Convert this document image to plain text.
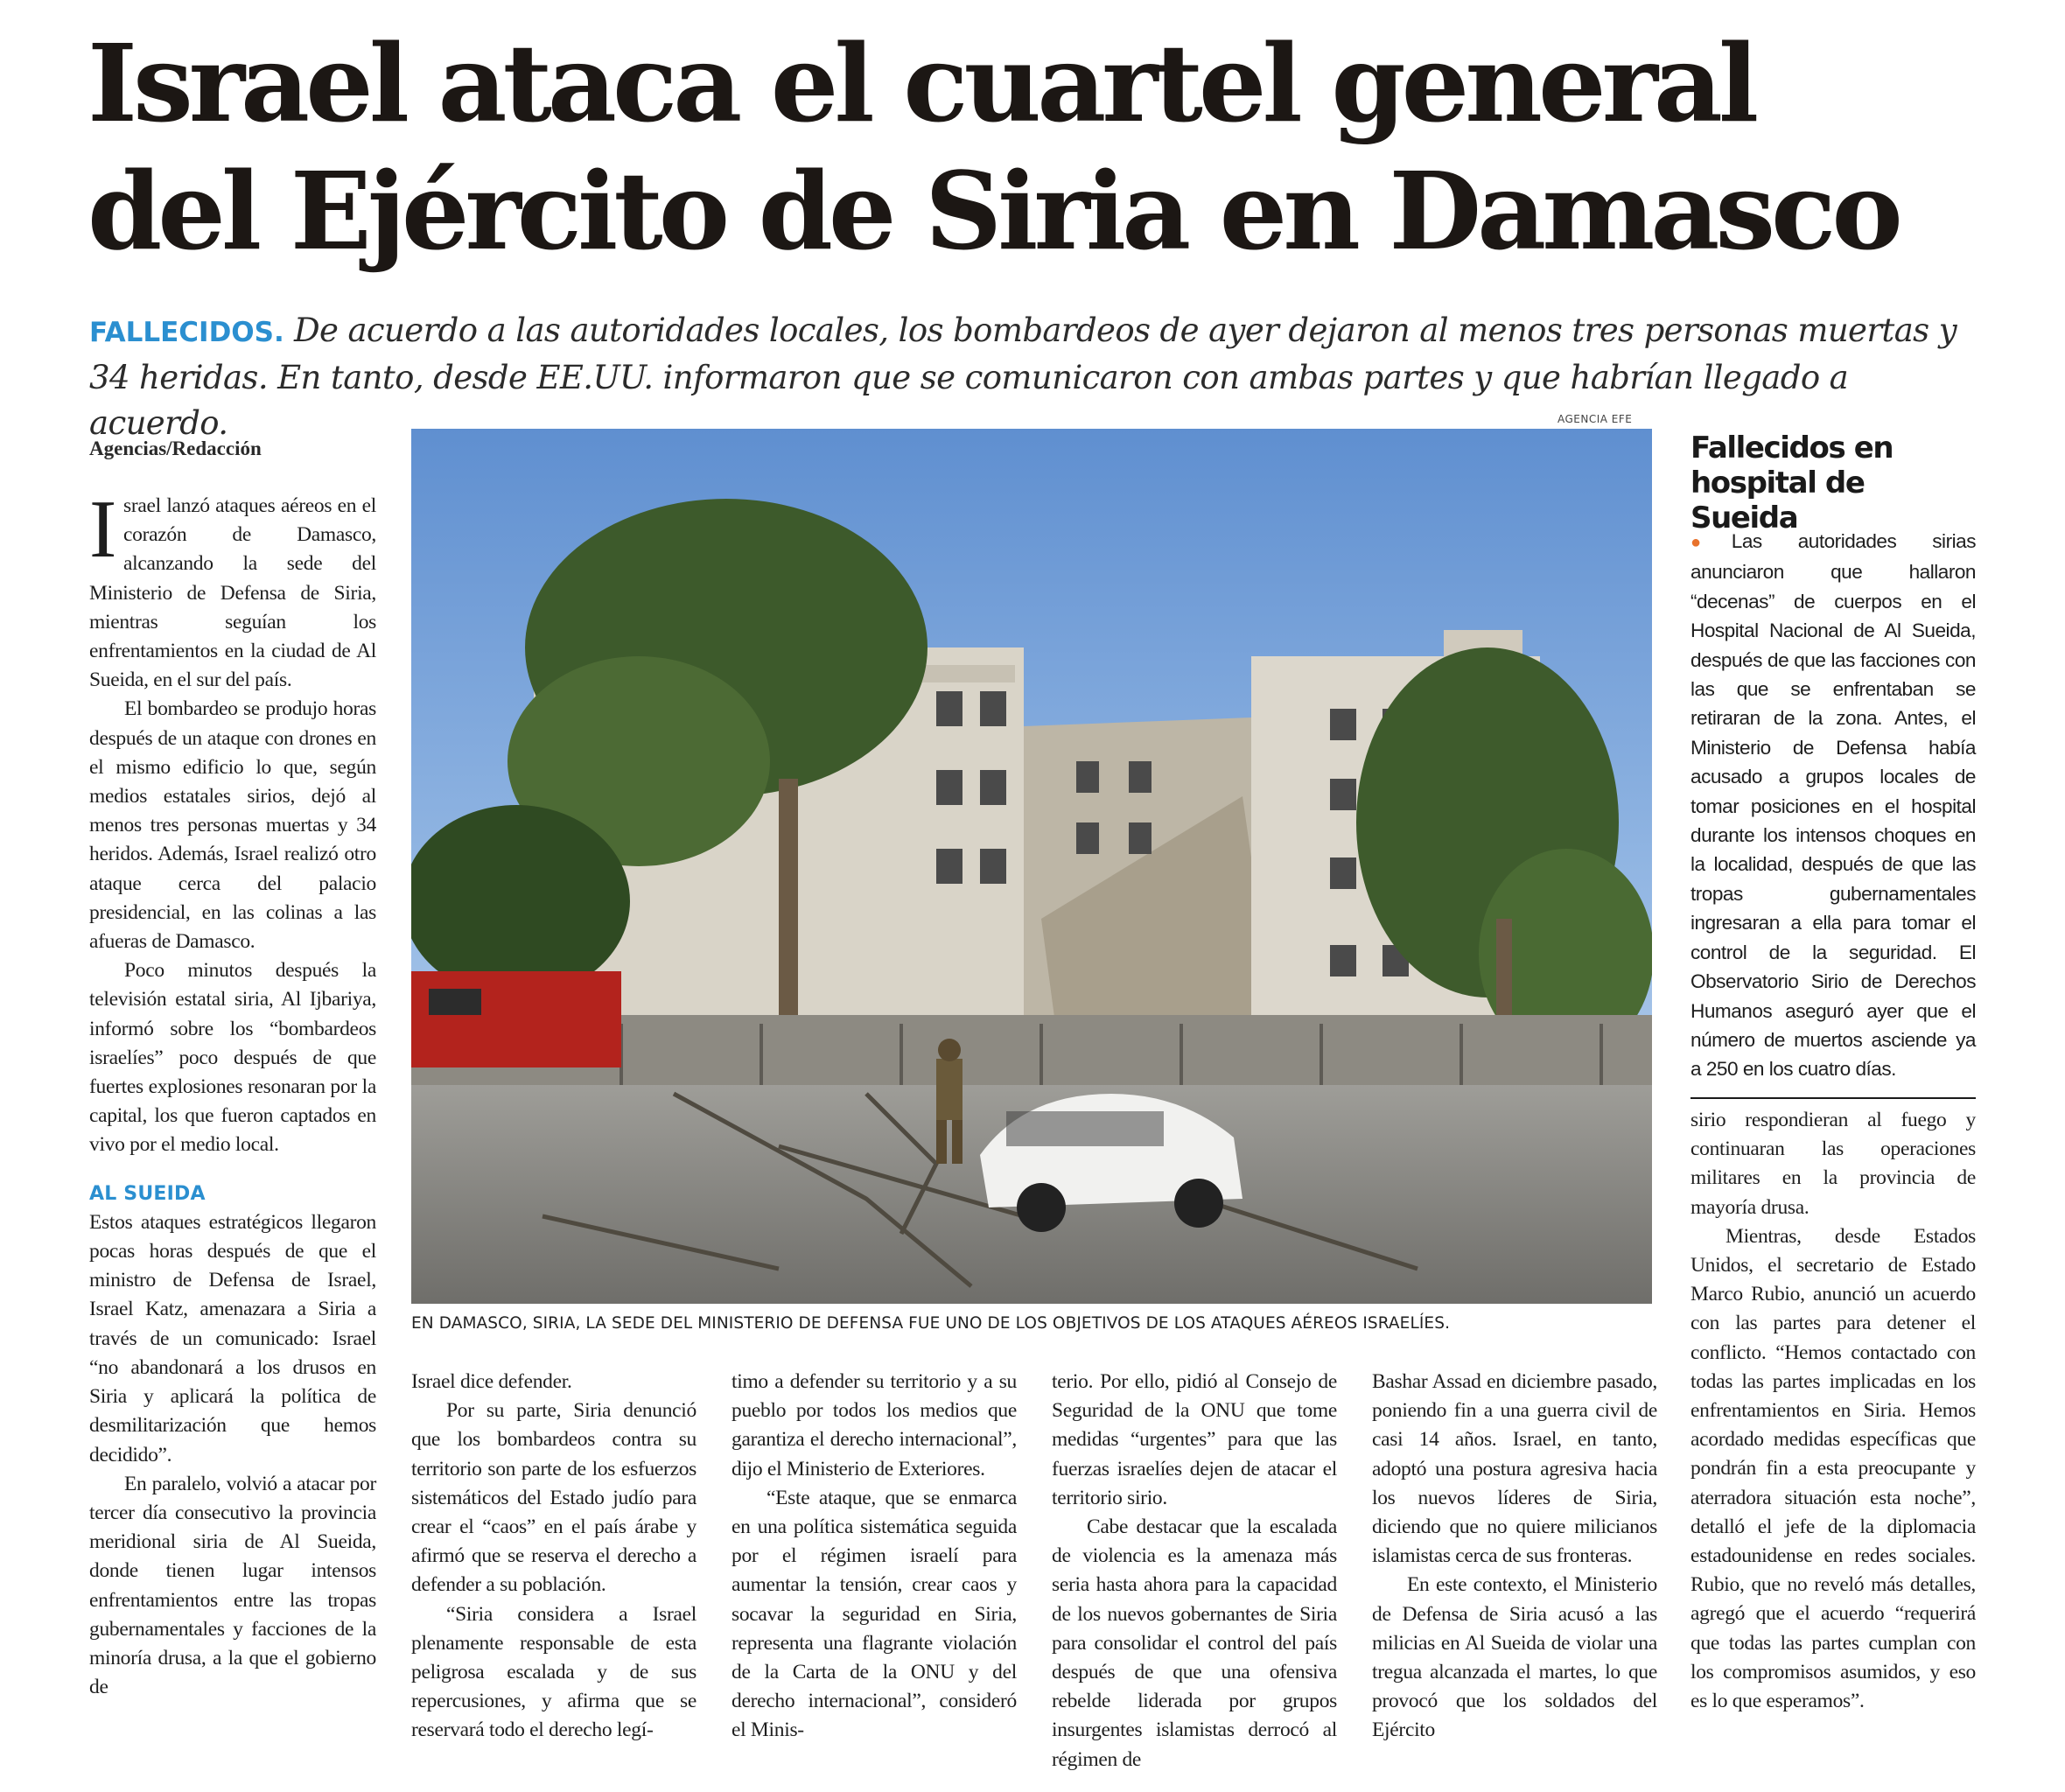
Israel ataca el cuartel general
del Ejército de Siria en Damasco
FALLECIDOS. De acuerdo a las autoridades locales, los bombardeos de ayer dejaron al menos tres personas muertas y 34 heridas. En tanto, desde EE.UU. informaron que se comunicaron con ambas partes y que habrían llegado a acuerdo.
Agencias/Redacción

Israel lanzó ataques aéreos en el corazón de Damasco, alcanzando la sede del Ministerio de Defensa de Siria, mientras seguían los enfrentamientos en la ciudad de Al Sueida, en el sur del país.

El bombardeo se produjo horas después de un ataque con drones en el mismo edificio lo que, según medios estatales sirios, dejó al menos tres personas muertas y 34 heridos. Además, Israel realizó otro ataque cerca del palacio presidencial, en las colinas a las afueras de Damasco.

Poco minutos después la televisión estatal siria, Al Ijbariya, informó sobre los “bombardeos israelíes” poco después de que fuertes explosiones resonaran por la capital, los que fueron captados en vivo por el medio local.

AL SUEIDA

Estos ataques estratégicos llegaron pocas horas después de que el ministro de Defensa de Israel, Israel Katz, amenazara a Siria a través de un comunicado: Israel “no abandonará a los drusos en Siria y aplicará la política de desmilitarización que hemos decidido”.

En paralelo, volvió a atacar por tercer día consecutivo la provincia meridional siria de Al Sueida, donde tienen lugar intensos enfrentamientos entre las tropas gubernamentales y facciones de la minoría drusa, a la que el gobierno de

AGENCIA EFE
EN DAMASCO, SIRIA, LA SEDE DEL MINISTERIO DE DEFENSA FUE UNO DE LOS OBJETIVOS DE LOS ATAQUES AÉREOS ISRAELÍES.

Israel dice defender.

Por su parte, Siria denunció que los bombardeos contra su territorio son parte de los esfuerzos sistemáticos del Estado judío para crear el “caos” en el país árabe y afirmó que se reserva el derecho a defender a su población.

“Siria considera a Israel plenamente responsable de esta peligrosa escalada y de sus repercusiones, y afirma que se reservará todo el derecho legí-

timo a defender su territorio y a su pueblo por todos los medios que garantiza el derecho internacional”, dijo el Ministerio de Exteriores.

“Este ataque, que se enmarca en una política sistemática seguida por el régimen israelí para aumentar la tensión, crear caos y socavar la seguridad en Siria, representa una flagrante violación de la Carta de la ONU y del derecho internacional”, consideró el Minis-

terio. Por ello, pidió al Consejo de Seguridad de la ONU que tome medidas “urgentes” para que las fuerzas israelíes dejen de atacar el territorio sirio.

Cabe destacar que la escalada de violencia es la amenaza más seria hasta ahora para la capacidad de los nuevos gobernantes de Siria para consolidar el control del país después de que una ofensiva rebelde liderada por grupos insurgentes islamistas derrocó al régimen de

Bashar Assad en diciembre pasado, poniendo fin a una guerra civil de casi 14 años. Israel, en tanto, adoptó una postura agresiva hacia los nuevos líderes de Siria, diciendo que no quiere milicianos islamistas cerca de sus fronteras.

En este contexto, el Ministerio de Defensa de Siria acusó a las milicias en Al Sueida de violar una tregua alcanzada el martes, lo que provocó que los soldados del Ejército

Fallecidos en hospital de Sueida
●Las autoridades sirias anunciaron que hallaron “decenas” de cuerpos en el Hospital Nacional de Al Sueida, después de que las facciones con las que se enfrentaban se retiraran de la zona. Antes, el Ministerio de Defensa había acusado a grupos locales de tomar posiciones en el hospital durante los intensos choques en la localidad, después de que las tropas gubernamentales ingresaran a ella para tomar el control de la seguridad. El Observatorio Sirio de Derechos Humanos aseguró ayer que el número de muertos asciende ya a 250 en los cuatro días.

sirio respondieran al fuego y continuaran las operaciones militares en la provincia de mayoría drusa.

Mientras, desde Estados Unidos, el secretario de Estado Marco Rubio, anunció un acuerdo con las partes para detener el conflicto. “Hemos contactado con todas las partes implicadas en los enfrentamientos en Siria. Hemos acordado medidas específicas que pondrán fin a esta preocupante y aterradora situación esta noche”, detalló el jefe de la diplomacia estadounidense en redes sociales. Rubio, que no reveló más detalles, agregó que el acuerdo “requerirá que todas las partes cumplan con los compromisos asumidos, y eso es lo que esperamos”.
